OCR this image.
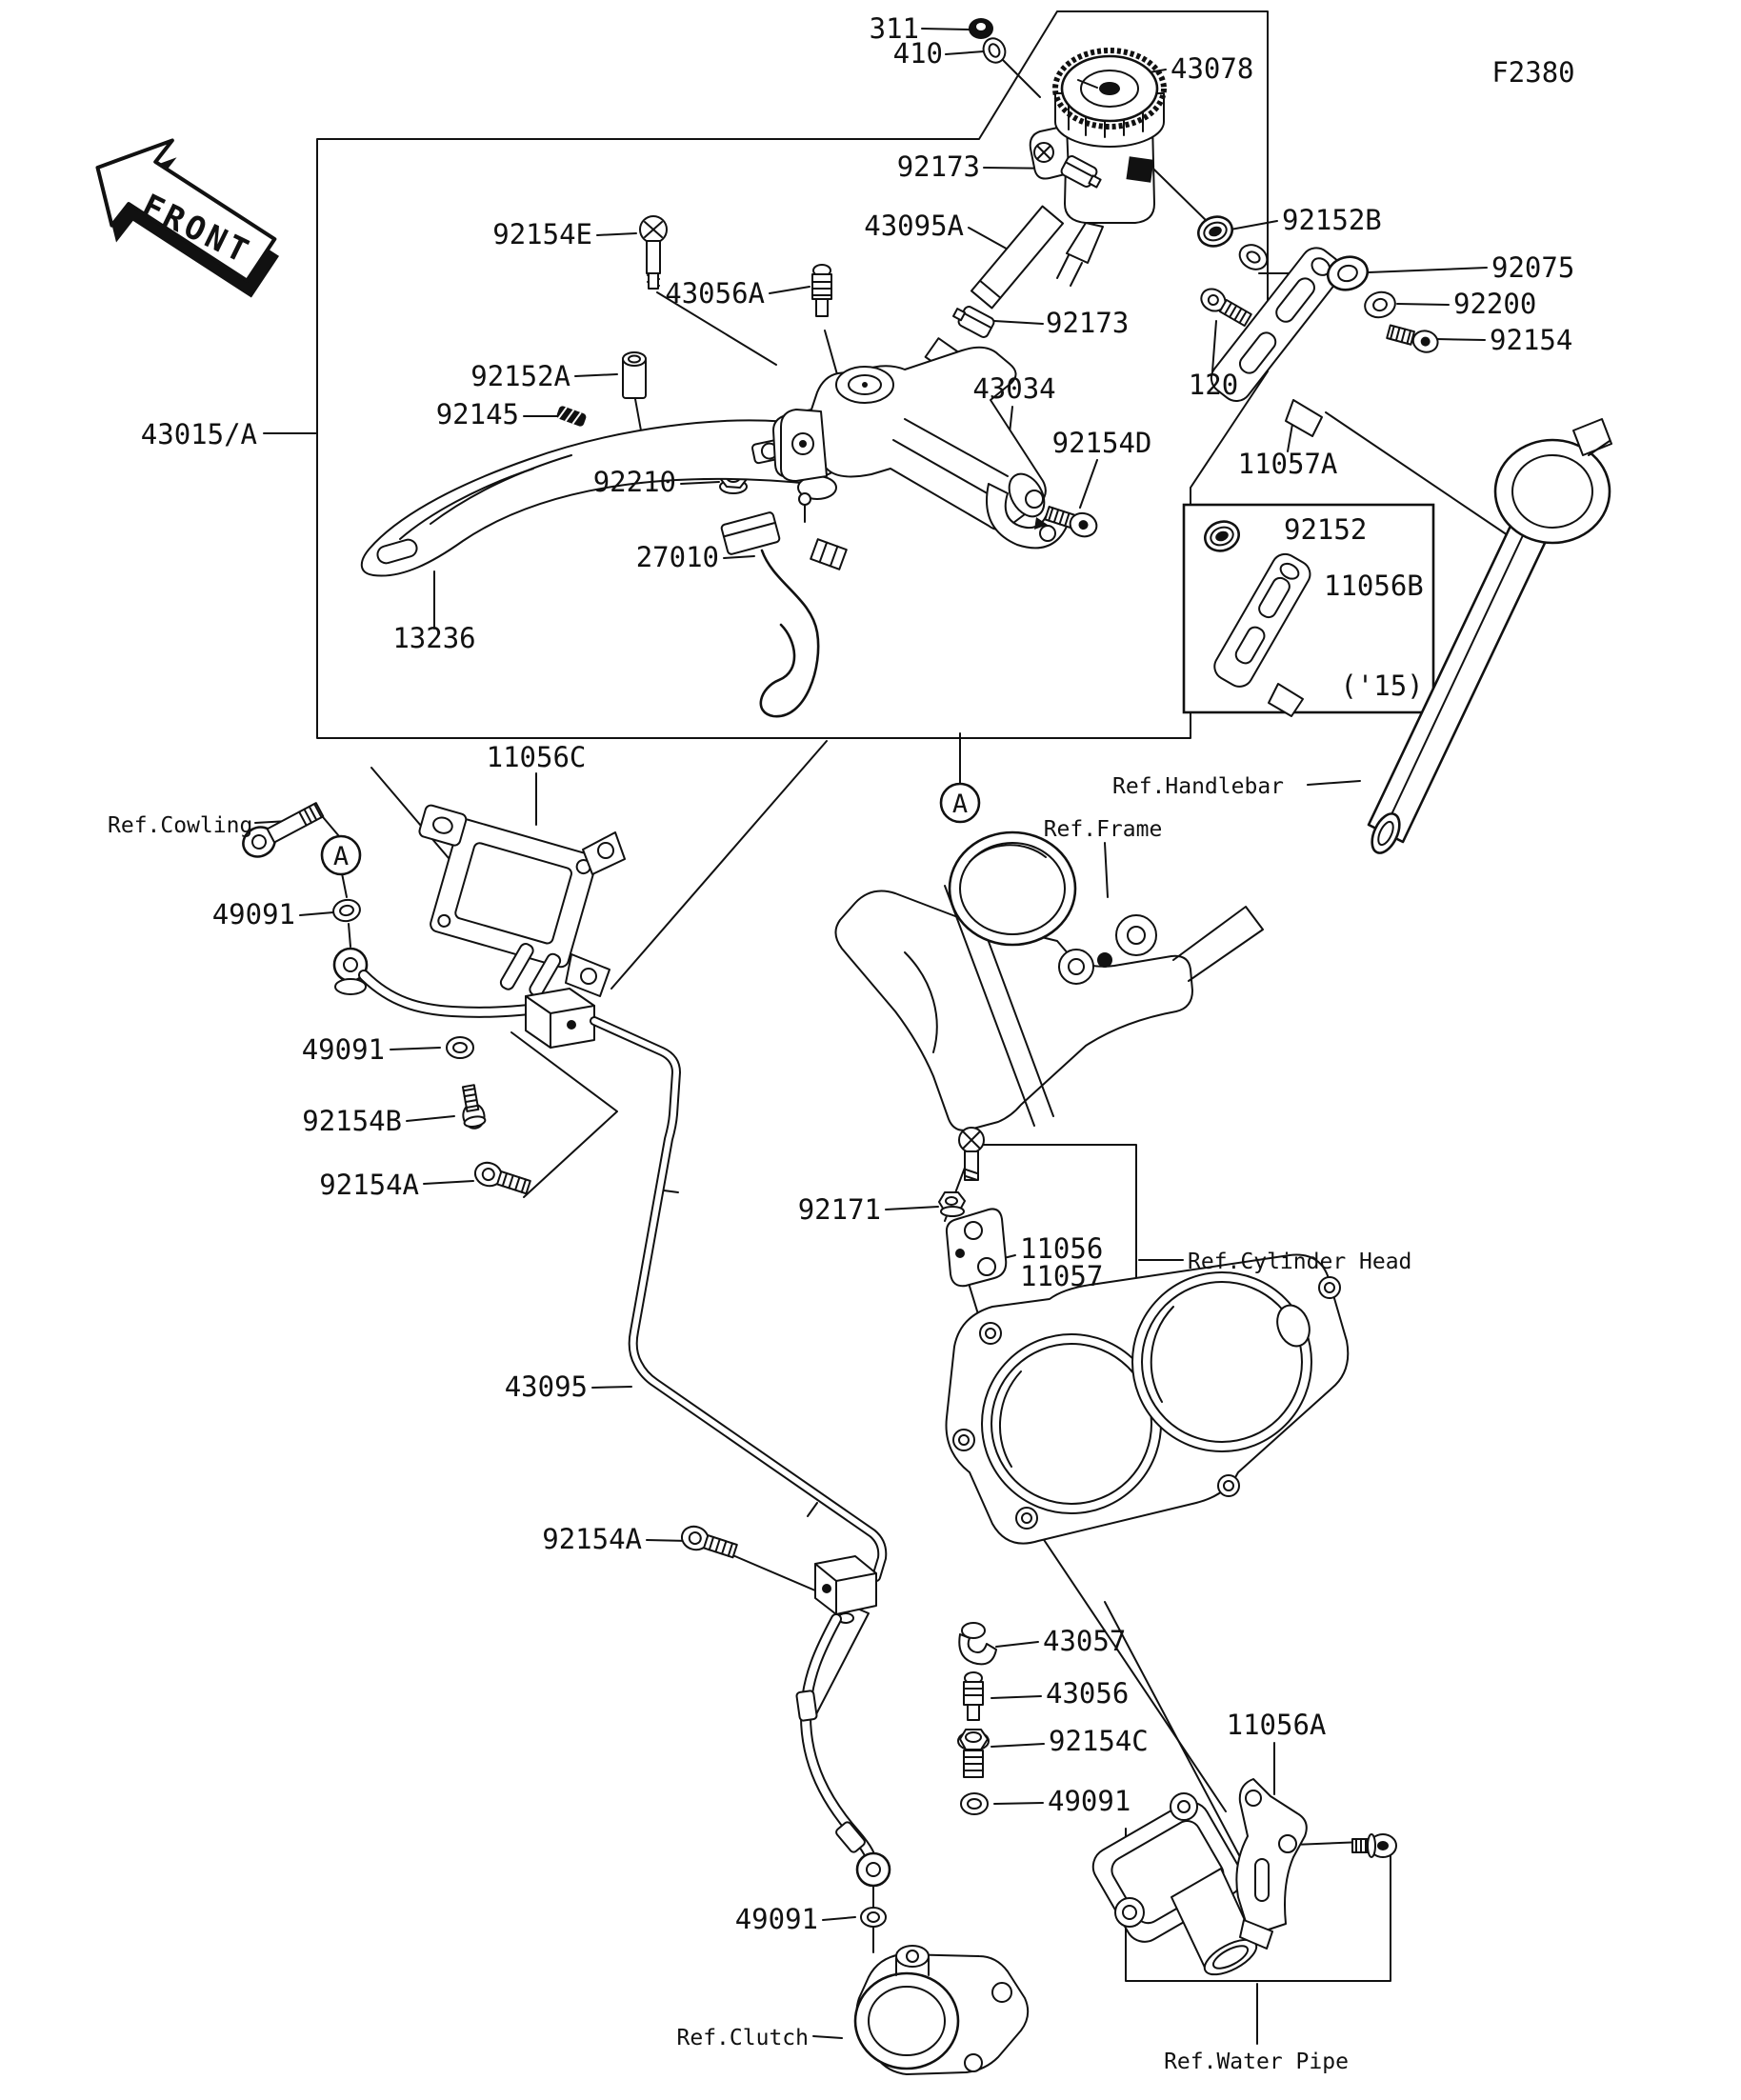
FRONT
A
A
F2380
311
410	43078
92173
43095A
92154E
43056A
92173
92152A	43034
92145
43015/A	92154D
92210
27010
13236
92152B
92075
92200
92154
120
11057A
92152
11056B
('15)
11056C
49091
49091
92154B
92154A
92171
11056
11057
43095
92154A
43057
43056
92154C
49091
11056A
49091
Ref.Cowling
Ref.Handlebar
Ref.Frame
Ref.Cylinder Head
Ref.Clutch
Ref.Water Pipe
